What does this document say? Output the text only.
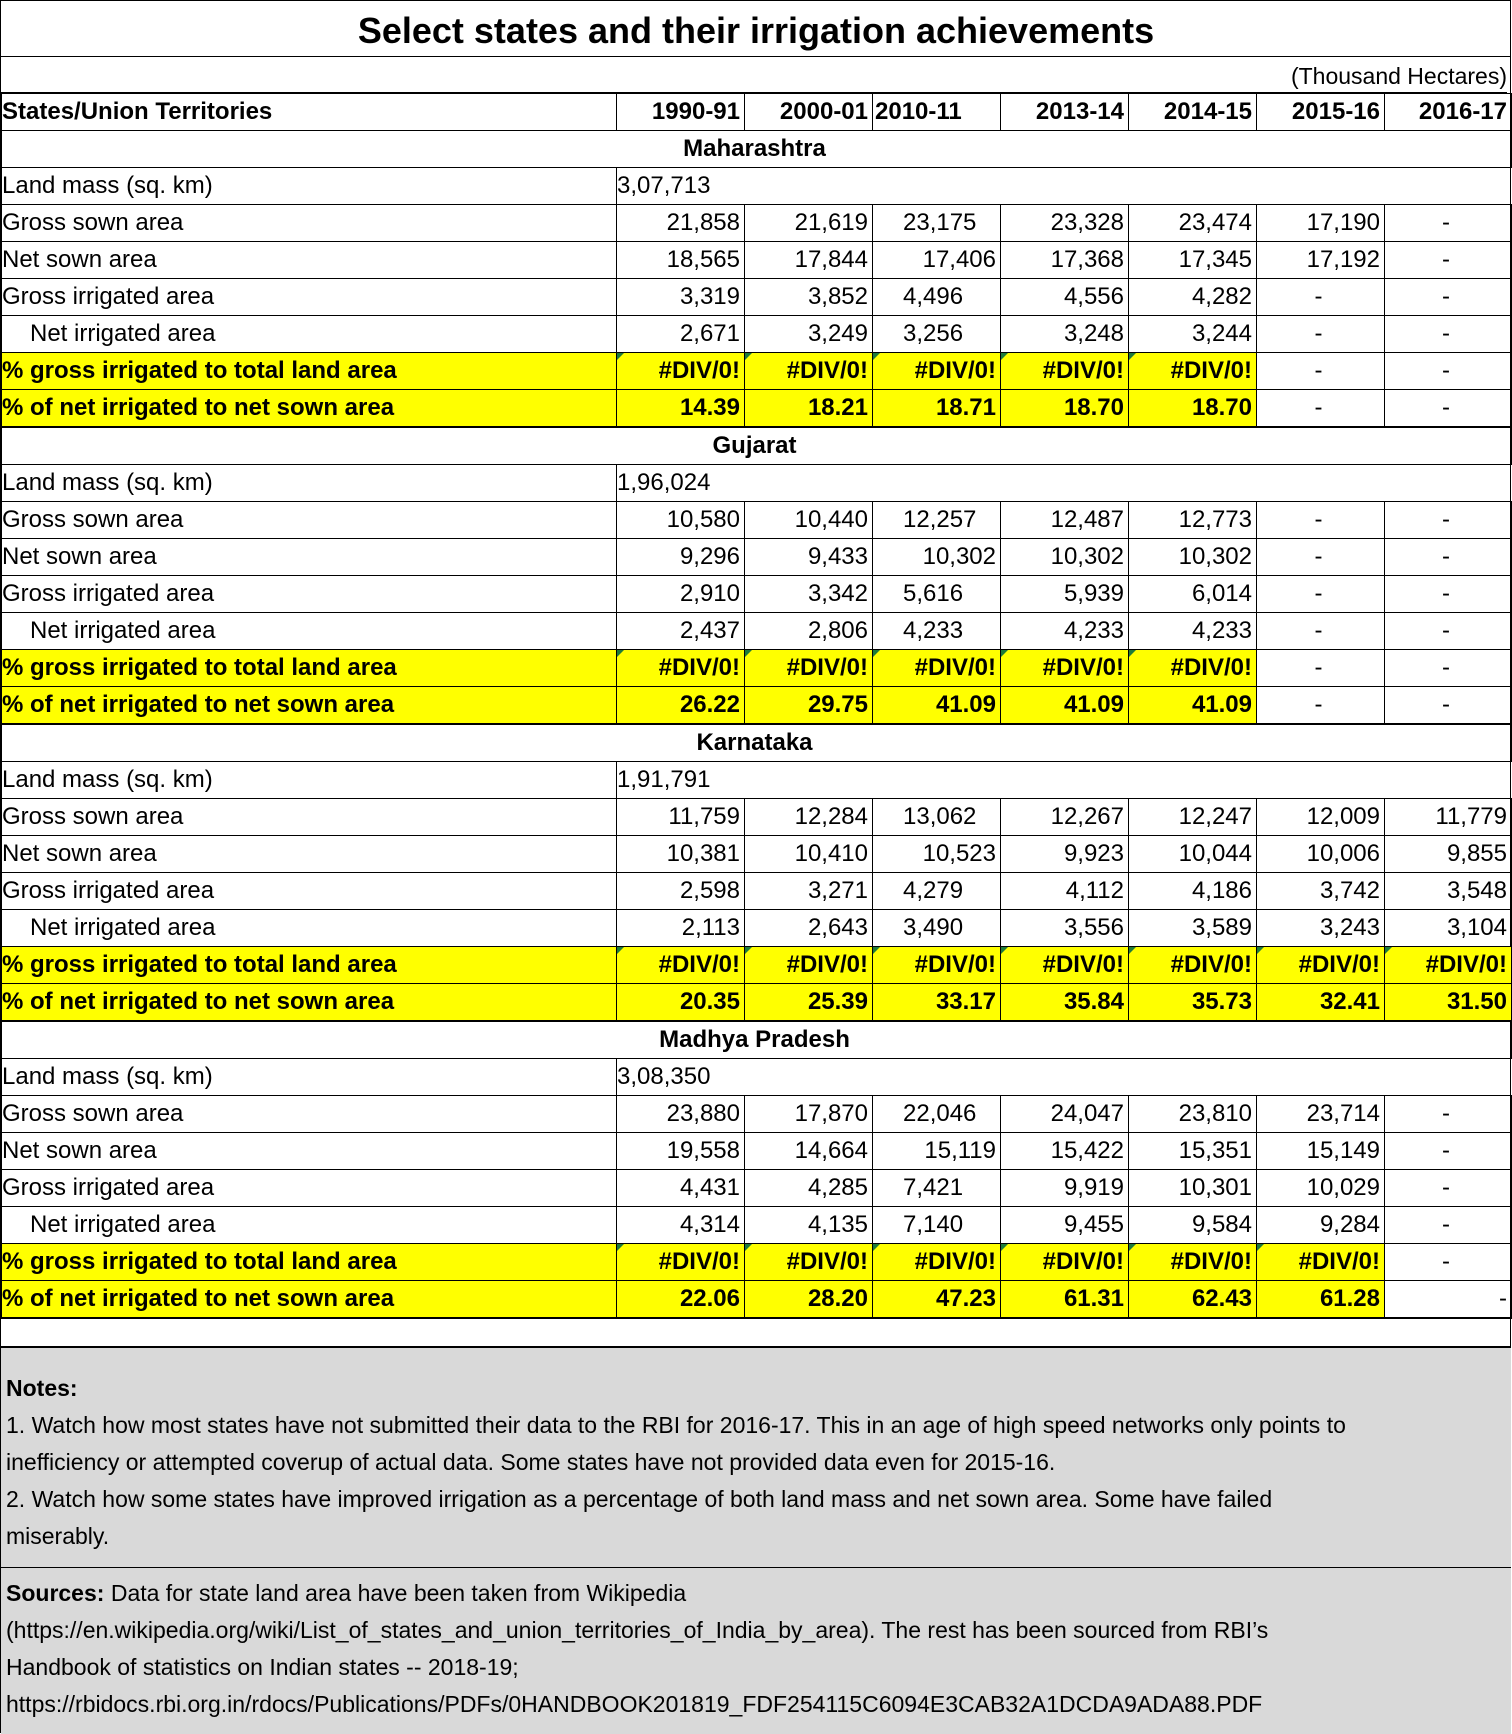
Select states and their irrigation achievements
(Thousand Hectares)
States/Union Territories	1990-91	2000-01	2010-11	2013-14	2014-15	2015-16	2016-17
Maharashtra							
Land mass (sq. km)	3,07,713						
Gross sown area	21,858	21,619	23,175	23,328	23,474	17,190	-
Net sown area	18,565	17,844	17,406	17,368	17,345	17,192	-
Gross irrigated area	3,319	3,852	4,496	4,556	4,282	-	-
Net irrigated area	2,671	3,249	3,256	3,248	3,244	-	-
% gross irrigated to total land area	#DIV/0!	#DIV/0!	#DIV/0!	#DIV/0!	#DIV/0!	-	-
% of net irrigated to net sown area	14.39	18.21	18.71	18.70	18.70	-	-
Gujarat							
Land mass (sq. km)	1,96,024						
Gross sown area	10,580	10,440	12,257	12,487	12,773	-	-
Net sown area	9,296	9,433	10,302	10,302	10,302	-	-
Gross irrigated area	2,910	3,342	5,616	5,939	6,014	-	-
Net irrigated area	2,437	2,806	4,233	4,233	4,233	-	-
% gross irrigated to total land area	#DIV/0!	#DIV/0!	#DIV/0!	#DIV/0!	#DIV/0!	-	-
% of net irrigated to net sown area	26.22	29.75	41.09	41.09	41.09	-	-
Karnataka							
Land mass (sq. km)	1,91,791						
Gross sown area	11,759	12,284	13,062	12,267	12,247	12,009	11,779
Net sown area	10,381	10,410	10,523	9,923	10,044	10,006	9,855
Gross irrigated area	2,598	3,271	4,279	4,112	4,186	3,742	3,548
Net irrigated area	2,113	2,643	3,490	3,556	3,589	3,243	3,104
% gross irrigated to total land area	#DIV/0!	#DIV/0!	#DIV/0!	#DIV/0!	#DIV/0!	#DIV/0!	#DIV/0!
% of net irrigated to net sown area	20.35	25.39	33.17	35.84	35.73	32.41	31.50
Madhya Pradesh							
Land mass (sq. km)	3,08,350						
Gross sown area	23,880	17,870	22,046	24,047	23,810	23,714	-
Net sown area	19,558	14,664	15,119	15,422	15,351	15,149	-
Gross irrigated area	4,431	4,285	7,421	9,919	10,301	10,029	-
Net irrigated area	4,314	4,135	7,140	9,455	9,584	9,284	-
% gross irrigated to total land area	#DIV/0!	#DIV/0!	#DIV/0!	#DIV/0!	#DIV/0!	#DIV/0!	-
% of net irrigated to net sown area	22.06	28.20	47.23	61.31	62.43	61.28	-
Notes:
1. Watch how most states have not submitted their data to the RBI for 2016-17. This in an age of high speed networks only points to
inefficiency or attempted coverup of actual data. Some states have not provided data even for 2015-16.
2. Watch how some states have improved irrigation as a percentage of both land mass and net sown area. Some have failed
miserably.
Sources: Data for state land area have been taken from Wikipedia
(https://en.wikipedia.org/wiki/List_of_states_and_union_territories_of_India_by_area). The rest has been sourced from RBI’s
Handbook of statistics on Indian states -- 2018-19;
https://rbidocs.rbi.org.in/rdocs/Publications/PDFs/0HANDBOOK201819_FDF254115C6094E3CAB32A1DCDA9ADA88.PDF
